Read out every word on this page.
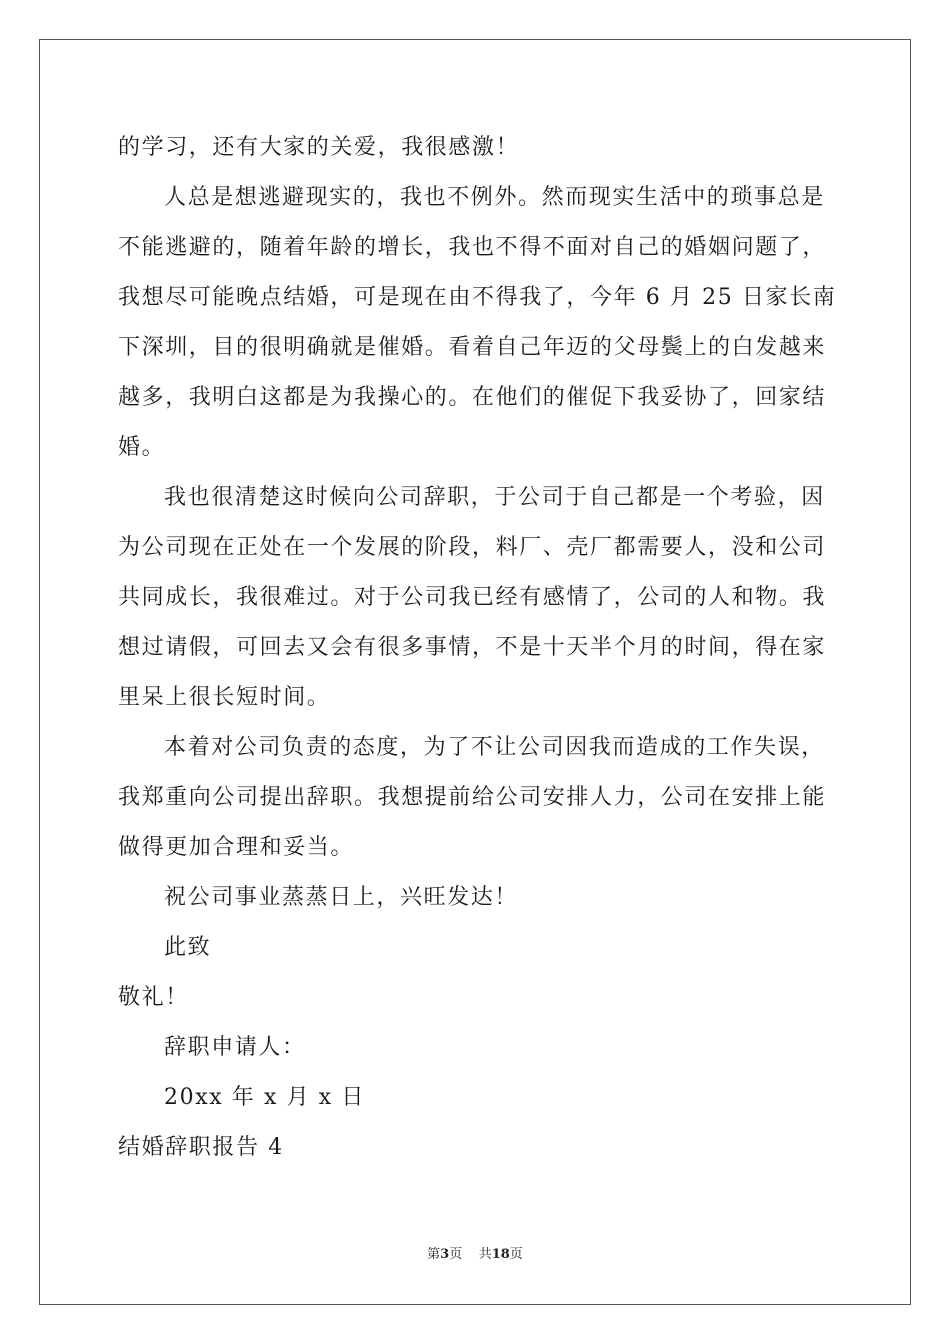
的学习，还有大家的关爱，我很感激！
人总是想逃避现实的，我也不例外。然而现实生活中的琐事总是
不能逃避的，随着年龄的增长，我也不得不面对自己的婚姻问题了，
我想尽可能晚点结婚，可是现在由不得我了，今年 6 月 25 日家长南
下深圳，目的很明确就是催婚。看着自己年迈的父母鬓上的白发越来
越多，我明白这都是为我操心的。在他们的催促下我妥协了，回家结
婚。
我也很清楚这时候向公司辞职，于公司于自己都是一个考验，因
为公司现在正处在一个发展的阶段，料厂、壳厂都需要人，没和公司
共同成长，我很难过。对于公司我已经有感情了，公司的人和物。我
想过请假，可回去又会有很多事情，不是十天半个月的时间，得在家
里呆上很长短时间。
本着对公司负责的态度，为了不让公司因我而造成的工作失误，
我郑重向公司提出辞职。我想提前给公司安排人力，公司在安排上能
做得更加合理和妥当。
祝公司事业蒸蒸日上，兴旺发达！
此致
敬礼！
辞职申请人：
20xx 年 x 月 x 日
结婚辞职报告 4
第3页 共18页
